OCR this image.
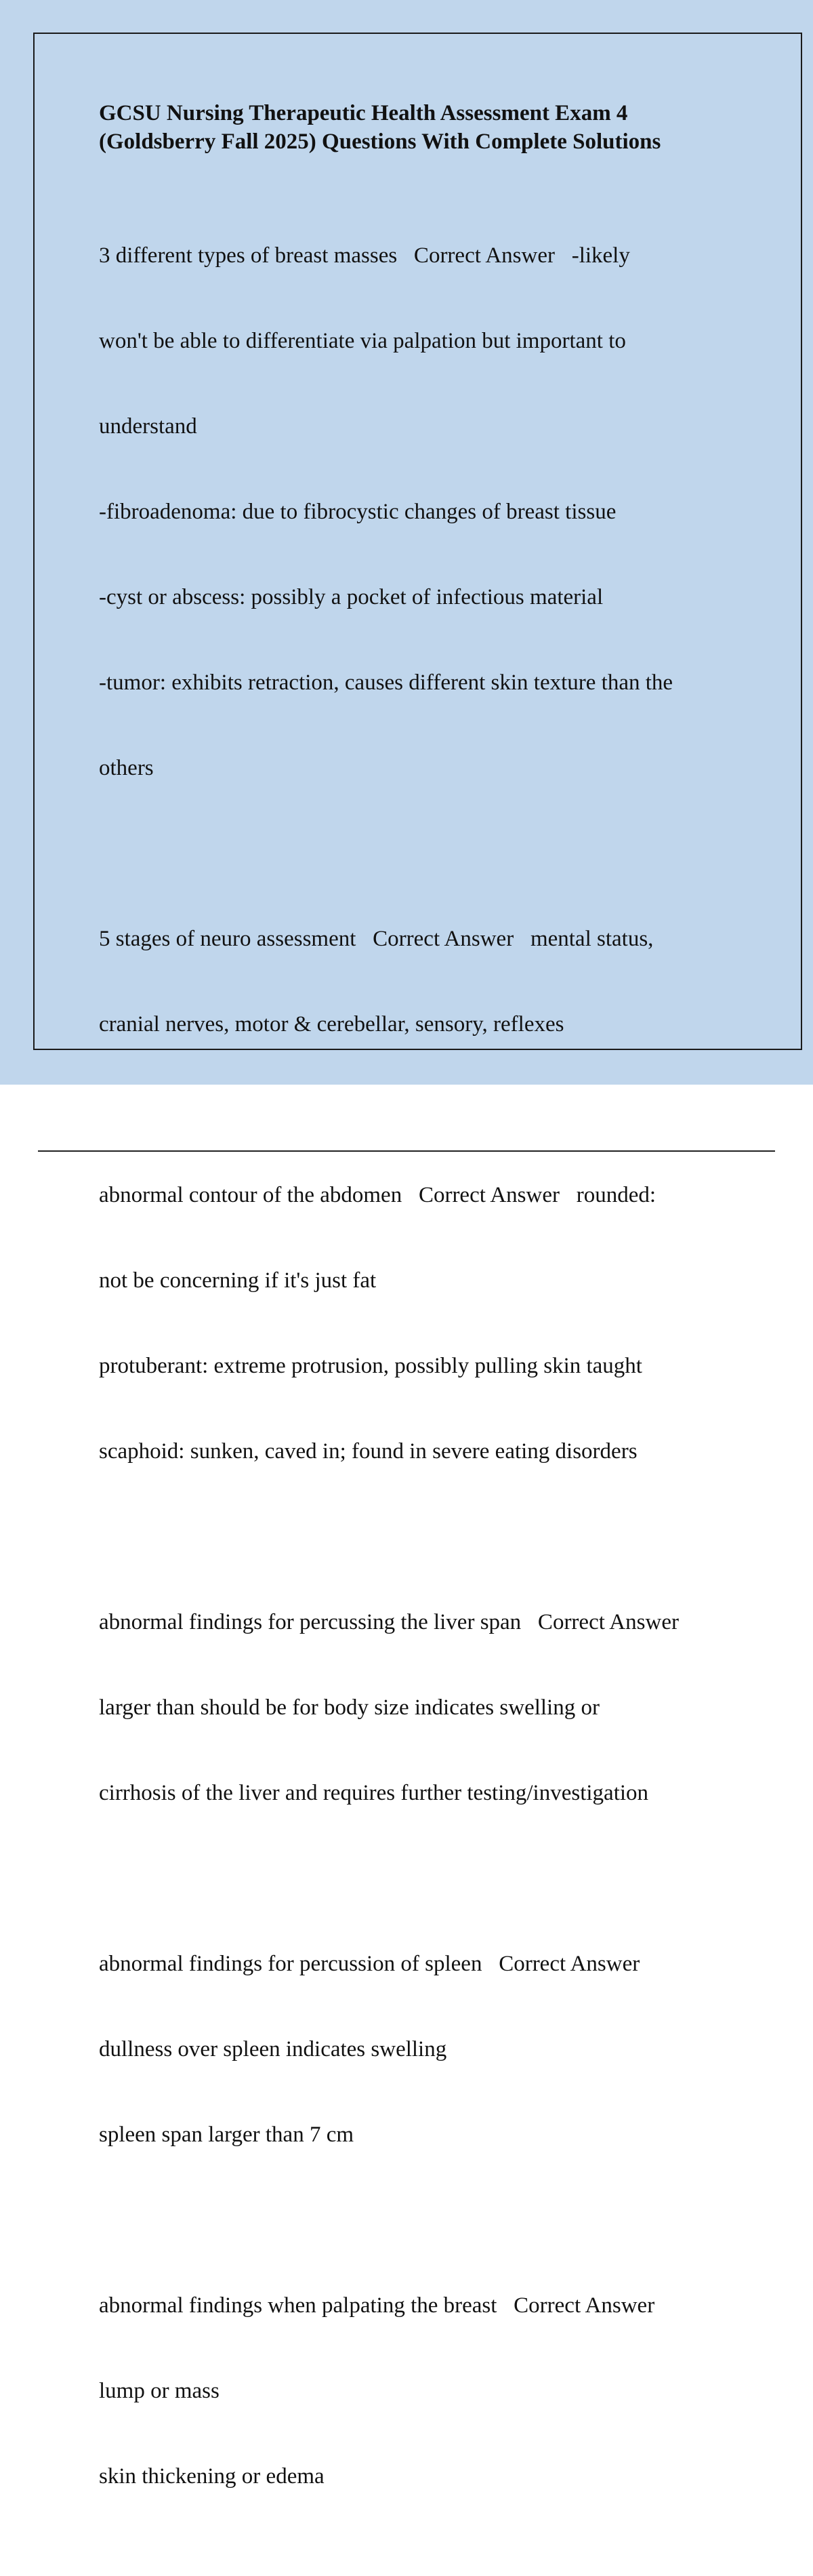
GCSU Nursing Therapeutic Health Assessment Exam 4
(Goldsberry Fall 2025) Questions With Complete Solutions

3 different types of breast masses   Correct Answer   -likely

won't be able to differentiate via palpation but important to

understand

-fibroadenoma: due to fibrocystic changes of breast tissue

-cyst or abscess: possibly a pocket of infectious material

-tumor: exhibits retraction, causes different skin texture than the

others

5 stages of neuro assessment   Correct Answer   mental status,

cranial nerves, motor & cerebellar, sensory, reflexes

abnormal contour of the abdomen   Correct Answer   rounded:

not be concerning if it's just fat

protuberant: extreme protrusion, possibly pulling skin taught

scaphoid: sunken, caved in; found in severe eating disorders

abnormal findings for percussing the liver span   Correct Answer

larger than should be for body size indicates swelling or

cirrhosis of the liver and requires further testing/investigation

abnormal findings for percussion of spleen   Correct Answer

dullness over spleen indicates swelling

spleen span larger than 7 cm

abnormal findings when palpating the breast   Correct Answer

lump or mass

skin thickening or edema
